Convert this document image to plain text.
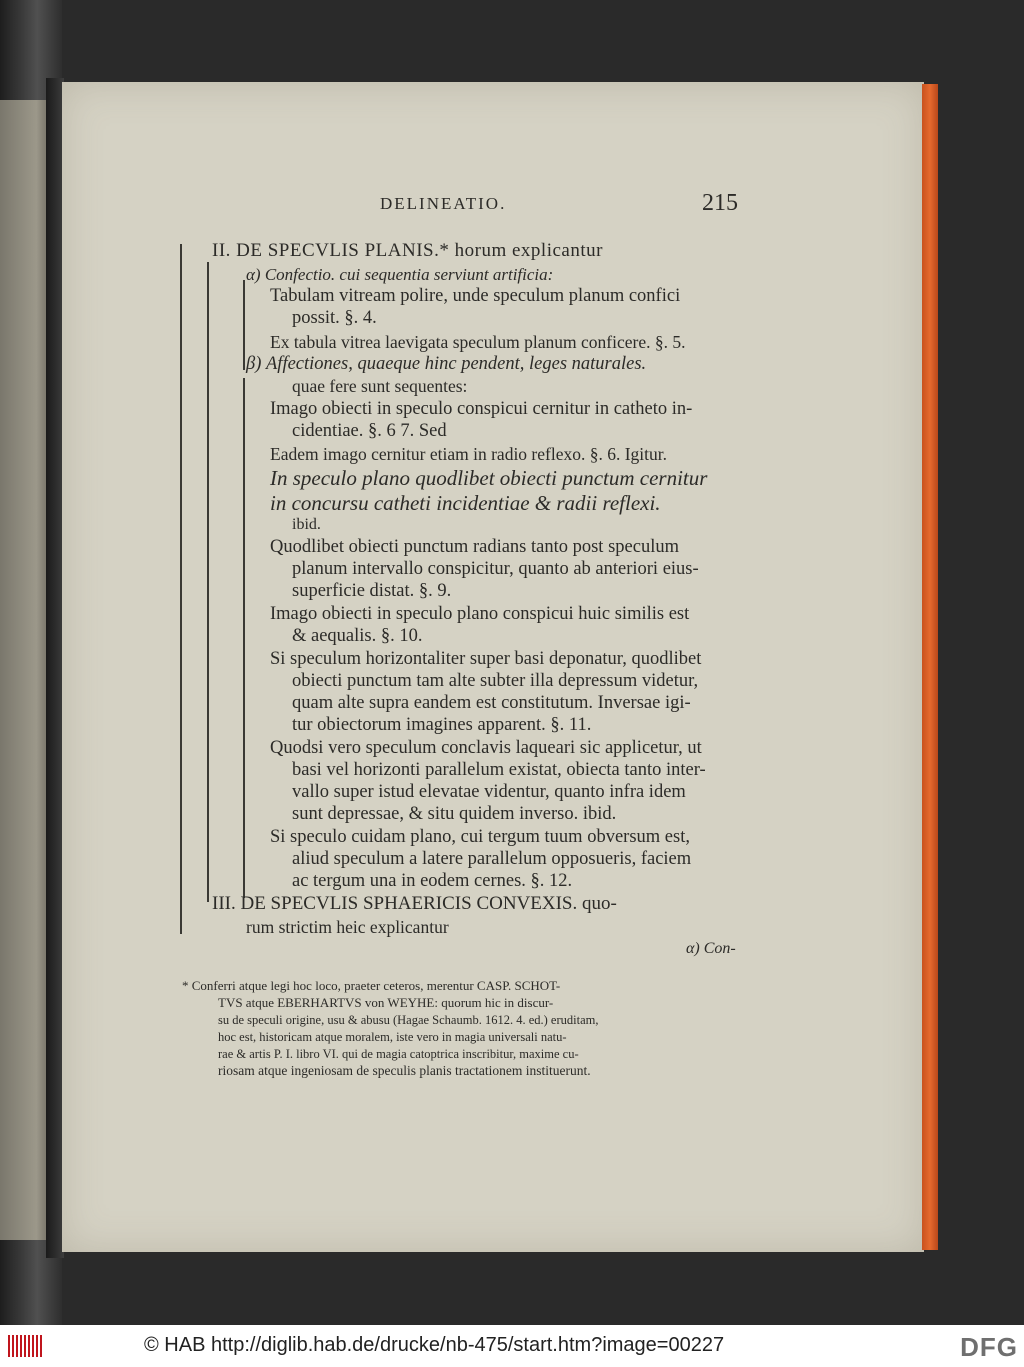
DELINEATIO.	215
II. DE SPECVLIS PLANIS.* horum explicantur
α) Confectio. cui sequentia serviunt artificia:
Tabulam vitream polire, unde speculum planum confici
possit. §. 4.
Ex tabula vitrea laevigata speculum planum conficere. §. 5.
β) Affectiones, quaeque hinc pendent, leges naturales.
quae fere sunt sequentes:
Imago obiecti in speculo conspicui cernitur in catheto in-
cidentiae. §. 6 7. Sed
Eadem imago cernitur etiam in radio reflexo. §. 6. Igitur.
In speculo plano quodlibet obiecti punctum cernitur
in concursu catheti incidentiae & radii reflexi.
ibid.
Quodlibet obiecti punctum radians tanto post speculum
planum intervallo conspicitur, quanto ab anteriori eius-
superficie distat. §. 9.
Imago obiecti in speculo plano conspicui huic similis est
& aequalis. §. 10.
Si speculum horizontaliter super basi deponatur, quodlibet
obiecti punctum tam alte subter illa depressum videtur,
quam alte supra eandem est constitutum. Inversae igi-
tur obiectorum imagines apparent. §. 11.
Quodsi vero speculum conclavis laqueari sic applicetur, ut
basi vel horizonti parallelum existat, obiecta tanto inter-
vallo super istud elevatae videntur, quanto infra idem
sunt depressae, & situ quidem inverso. ibid.
Si speculo cuidam plano, cui tergum tuum obversum est,
aliud speculum a latere parallelum opposueris, faciem
ac tergum una in eodem cernes. §. 12.
III. DE SPECVLIS SPHAERICIS CONVEXIS. quo-
rum strictim heic explicantur
α) Con-
* Conferri atque legi hoc loco, praeter ceteros, merentur CASP. SCHOT-
TVS atque EBERHARTVS von WEYHE: quorum hic in discur-
su de speculi origine, usu & abusu (Hagae Schaumb. 1612. 4. ed.) eruditam,
hoc est, historicam atque moralem, iste vero in magia universali natu-
rae & artis P. I. libro VI. qui de magia catoptrica inscribitur, maxime cu-
riosam atque ingeniosam de speculis planis tractationem instituerunt.
© HAB http://diglib.hab.de/drucke/nb-475/start.htm?image=00227	DFG
